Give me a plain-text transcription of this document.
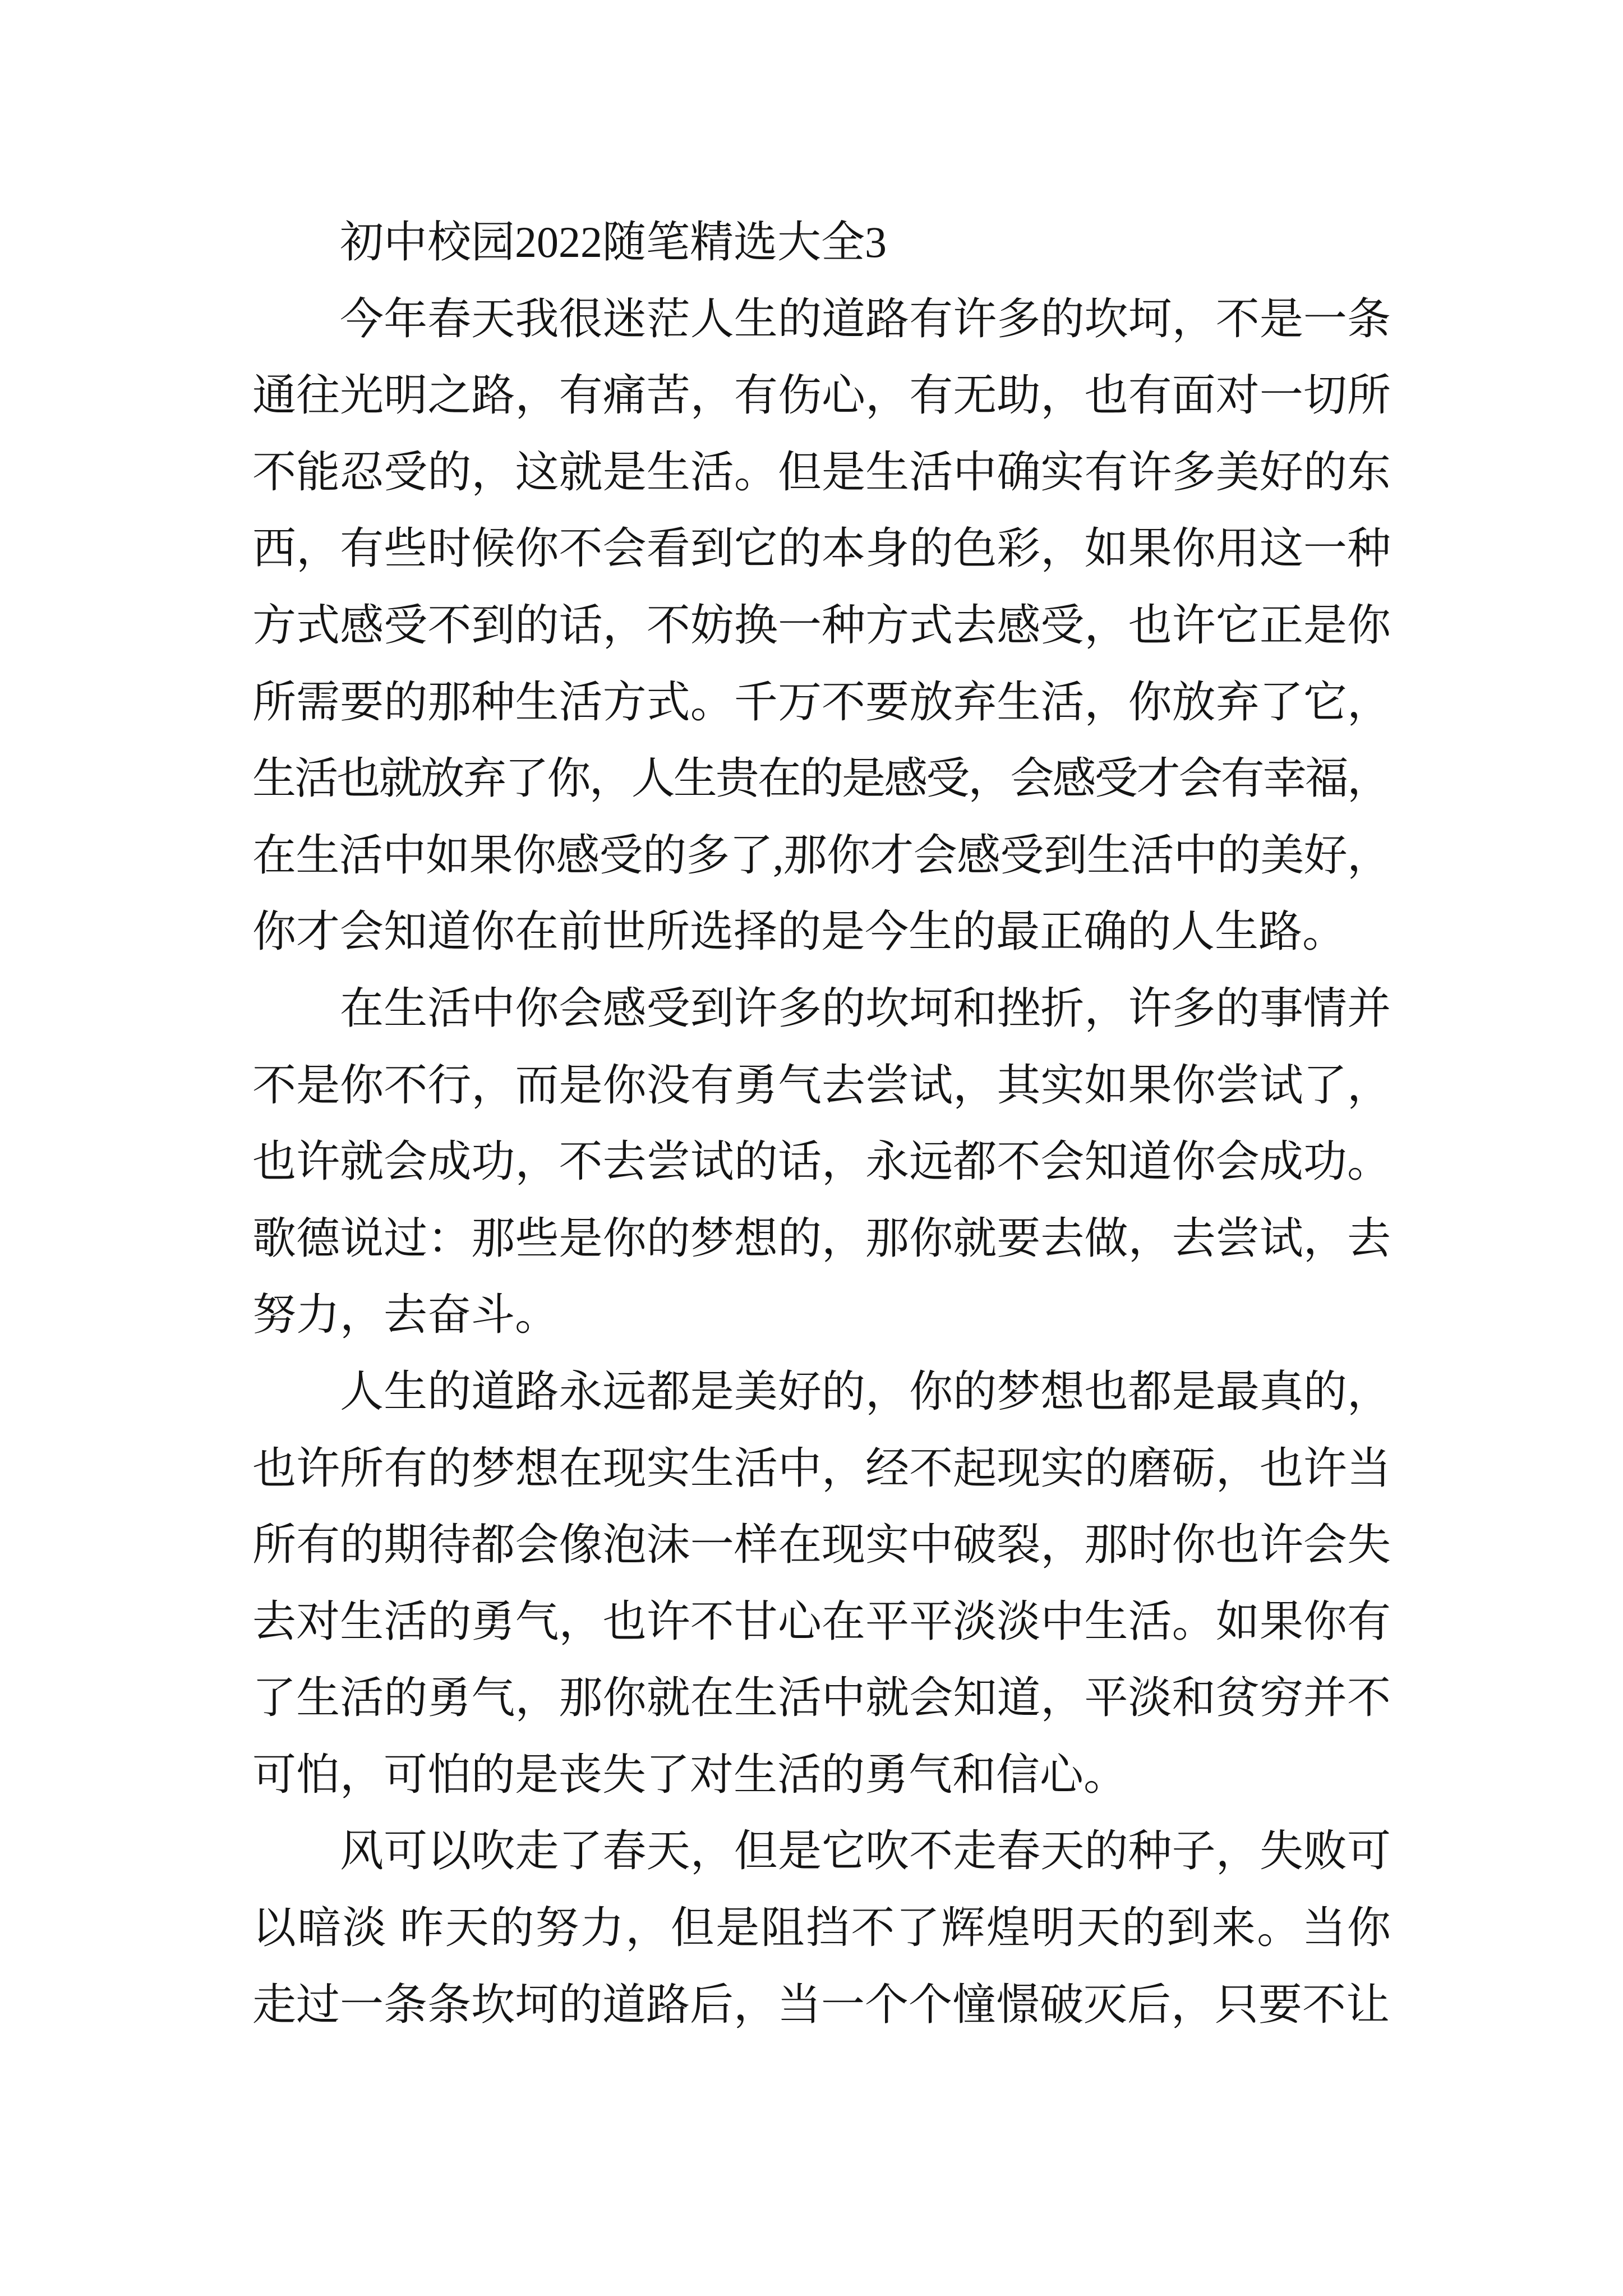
初中校园2022随笔精选大全3
今年春天我很迷茫人生的道路有许多的坎坷，不是一条
通往光明之路，有痛苦，有伤心，有无助，也有面对一切所
不能忍受的，这就是生活。但是生活中确实有许多美好的东
西，有些时候你不会看到它的本身的色彩，如果你用这一种
方式感受不到的话，不妨换一种方式去感受，也许它正是你
所需要的那种生活方式。千万不要放弃生活，你放弃了它，
生活也就放弃了你，人生贵在的是感受，会感受才会有幸福，
在生活中如果你感受的多了,那你才会感受到生活中的美好，
你才会知道你在前世所选择的是今生的最正确的人生路。
在生活中你会感受到许多的坎坷和挫折，许多的事情并
不是你不行，而是你没有勇气去尝试，其实如果你尝试了，
也许就会成功，不去尝试的话，永远都不会知道你会成功。
歌德说过：那些是你的梦想的，那你就要去做，去尝试，去
努力，去奋斗。
人生的道路永远都是美好的，你的梦想也都是最真的，
也许所有的梦想在现实生活中，经不起现实的磨砺，也许当
所有的期待都会像泡沫一样在现实中破裂，那时你也许会失
去对生活的勇气，也许不甘心在平平淡淡中生活。如果你有
了生活的勇气，那你就在生活中就会知道，平淡和贫穷并不
可怕，可怕的是丧失了对生活的勇气和信心。
风可以吹走了春天，但是它吹不走春天的种子，失败可
以暗淡 昨天的努力，但是阻挡不了辉煌明天的到来。当你
走过一条条坎坷的道路后，当一个个憧憬破灭后，只要不让
